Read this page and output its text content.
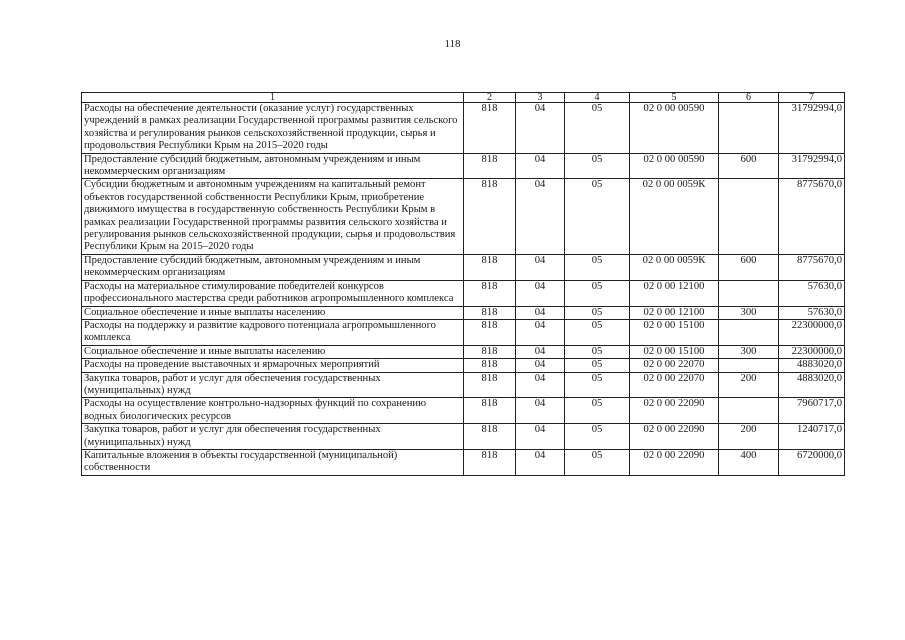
118
1	2	3	4	5	6	7
Расходы на обеспечение деятельности (оказание услуг) государственных учреждений в рамках реализации Государственной программы развития сельского хозяйства и регулирования рынков сельскохозяйственной продукции, сырья и продовольствия Республики Крым на 2015–2020 годы	818	04	05	02 0 00 00590		31792994,0
Предоставление субсидий бюджетным, автономным учреждениям и иным некоммерческим организациям	818	04	05	02 0 00 00590	600	31792994,0
Субсидии бюджетным и автономным учреждениям на капитальный ремонт объектов государственной собственности Республики Крым, приобретение движимого имущества в государственную собственность Республики Крым в рамках реализации Государственной программы развития сельского хозяйства и регулирования рынков сельскохозяйственной продукции, сырья и продовольствия Республики Крым на 2015–2020 годы	818	04	05	02 0 00 0059К		8775670,0
Предоставление субсидий бюджетным, автономным учреждениям и иным некоммерческим организациям	818	04	05	02 0 00 0059К	600	8775670,0
Расходы на материальное стимулирование победителей конкурсов профессионального мастерства среди работников агропромышленного комплекса	818	04	05	02 0 00 12100		57630,0
Социальное обеспечение и иные выплаты населению	818	04	05	02 0 00 12100	300	57630,0
Расходы на поддержку и развитие кадрового потенциала агропромышленного комплекса	818	04	05	02 0 00 15100		22300000,0
Социальное обеспечение и иные выплаты населению	818	04	05	02 0 00 15100	300	22300000,0
Расходы на проведение выставочных и ярмарочных мероприятий	818	04	05	02 0 00 22070		4883020,0
Закупка товаров, работ и услуг для обеспечения государственных (муниципальных) нужд	818	04	05	02 0 00 22070	200	4883020,0
Расходы на осуществление контрольно-надзорных функций по сохранению водных биологических ресурсов	818	04	05	02 0 00 22090		7960717,0
Закупка товаров, работ и услуг для обеспечения государственных (муниципальных) нужд	818	04	05	02 0 00 22090	200	1240717,0
Капитальные вложения в объекты государственной (муниципальной) собственности	818	04	05	02 0 00 22090	400	6720000,0
